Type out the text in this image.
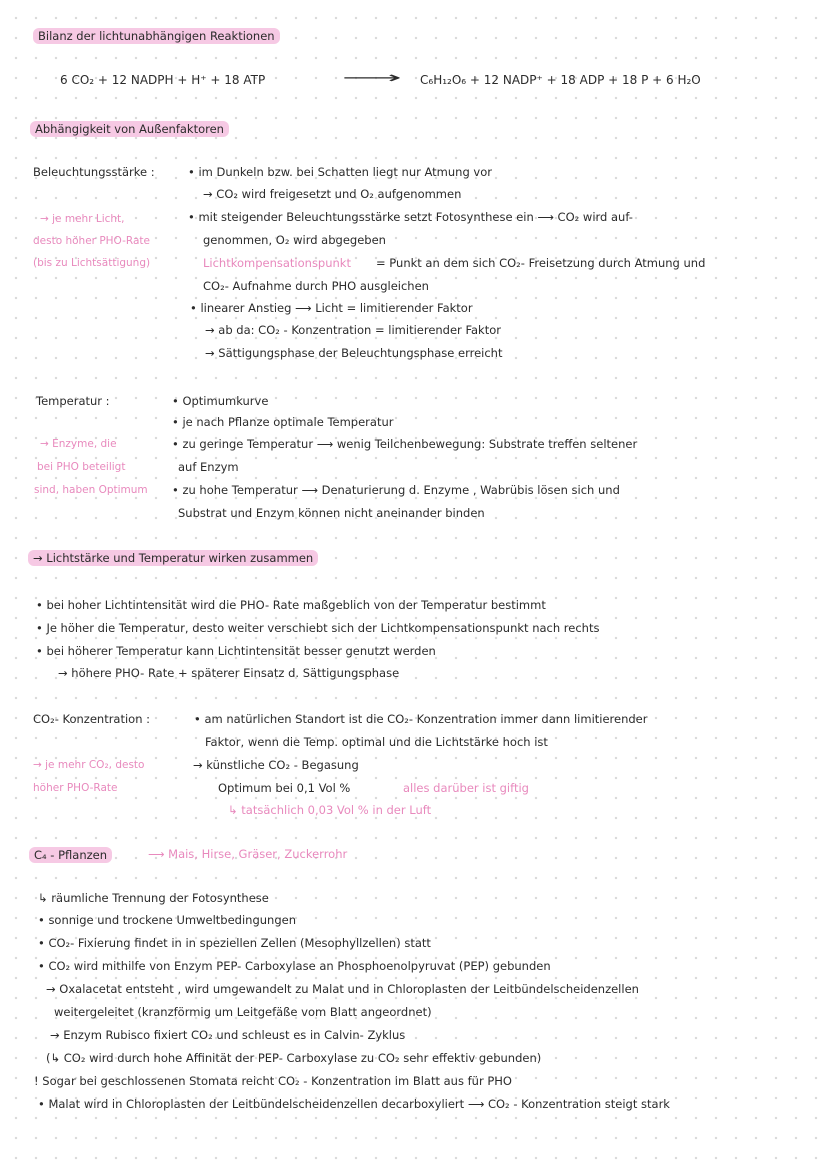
Bilanz der lichtunabhängigen Reaktionen
6 CO₂ + 12 NADPH + H⁺ + 18 ATP	⟶ C₆H₁₂O₆ + 12 NADP⁺ + 18 ADP + 18 P + 6 H₂O
Abhängigkeit von Außenfaktoren
Beleuchtungsstärke :
→ je mehr Licht,
desto höher PHO-Rate
(bis zu Lichtsättigung)
• im Dunkeln bzw. bei Schatten liegt nur Atmung vor
→ CO₂ wird freigesetzt und O₂ aufgenommen
• mit steigender Beleuchtungsstärke setzt Fotosynthese ein ⟶ CO₂ wird auf-
genommen, O₂ wird abgegeben
Lichtkompensationspunkt = Punkt an dem sich CO₂- Freisetzung durch Atmung und
CO₂- Aufnahme durch PHO ausgleichen
• linearer Anstieg ⟶ Licht = limitierender Faktor
→ ab da: CO₂ - Konzentration = limitierender Faktor
→ Sättigungsphase der Beleuchtungsphase erreicht
Temperatur :
→ Enzyme, die
bei PHO beteiligt
sind, haben Optimum
• Optimumkurve
• je nach Pflanze optimale Temperatur
• zu geringe Temperatur ⟶ wenig Teilchenbewegung: Substrate treffen seltener
auf Enzym
• zu hohe Temperatur ⟶ Denaturierung d. Enzyme , Wabrübis lösen sich und
Substrat und Enzym können nicht aneinander binden
→ Lichtstärke und Temperatur wirken zusammen
• bei hoher Lichtintensität wird die PHO- Rate maßgeblich von der Temperatur bestimmt
• Je höher die Temperatur, desto weiter verschiebt sich der Lichtkompensationspunkt nach rechts
• bei höherer Temperatur kann Lichtintensität besser genutzt werden
→ höhere PHO- Rate + späterer Einsatz d. Sättigungsphase
CO₂- Konzentration :
→ je mehr CO₂, desto
höher PHO-Rate
• am natürlichen Standort ist die CO₂- Konzentration immer dann limitierender
Faktor, wenn die Temp. optimal und die Lichtstärke hoch ist
→ künstliche CO₂ - Begasung
Optimum bei 0,1 Vol %	alles darüber ist giftig
↳ tatsächlich 0,03 Vol % in der Luft
C₄ - Pflanzen	⟶ Mais, Hirse, Gräser, Zuckerrohr
↳ räumliche Trennung der Fotosynthese
• sonnige und trockene Umweltbedingungen
• CO₂- Fixierung findet in in speziellen Zellen (Mesophyllzellen) statt
• CO₂ wird mithilfe von Enzym PEP- Carboxylase an Phosphoenolpyruvat (PEP) gebunden
→ Oxalacetat entsteht , wird umgewandelt zu Malat und in Chloroplasten der Leitbündelscheidenzellen
weitergeleitet (kranzförmig um Leitgefäße vom Blatt angeordnet)
→ Enzym Rubisco fixiert CO₂ und schleust es in Calvin- Zyklus
(↳ CO₂ wird durch hohe Affinität der PEP- Carboxylase zu CO₂ sehr effektiv gebunden)
! Sogar bei geschlossenen Stomata reicht CO₂ - Konzentration im Blatt aus für PHO
• Malat wird in Chloroplasten der Leitbündelscheidenzellen decarboxyliert ⟶ CO₂ - Konzentration steigt stark
